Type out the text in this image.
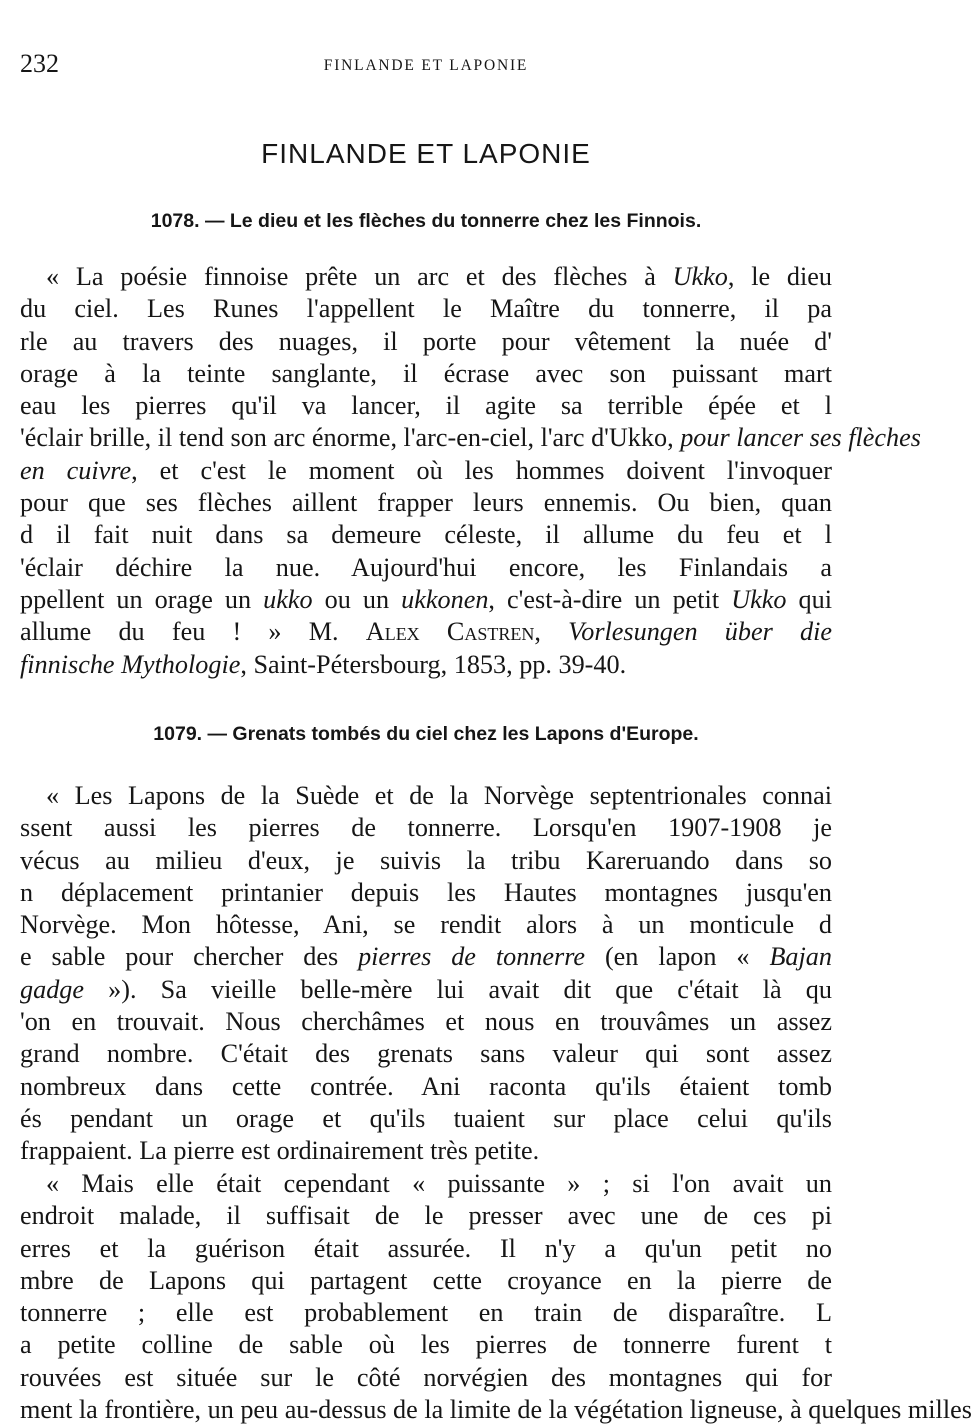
232	FINLANDE ET LAPONIE
FINLANDE ET LAPONIE
1078. — Le dieu et les flèches du tonnerre chez les Finnois.

« La poésie finnoise prête un arc et des flèches à Ukko, le dieu
du ciel. Les Runes l'appellent le Maître du tonnerre, il pa
rle au travers des nuages, il porte pour vêtement la nuée d'
orage à la teinte sanglante, il écrase avec son puissant mart
eau les pierres qu'il va lancer, il agite sa terrible épée et l
'éclair brille, il tend son arc énorme, l'arc-en-ciel, l'arc d'Ukko, pour lancer ses flèches
en cuivre, et c'est le moment où les hommes doivent l'invoquer
pour que ses flèches aillent frapper leurs ennemis. Ou bien, quan
d il fait nuit dans sa demeure céleste, il allume du feu et l
'éclair déchire la nue. Aujourd'hui encore, les Finlandais a
ppellent un orage un ukko ou un ukkonen, c'est-à-dire un petit Ukko qui
allume du feu ! » M. Alex Castren, Vorlesungen über die
finnische Mythologie, Saint-Pétersbourg, 1853, pp. 39-40.

1079. — Grenats tombés du ciel chez les Lapons d'Europe.

« Les Lapons de la Suède et de la Norvège septentrionales connai
ssent aussi les pierres de tonnerre. Lorsqu'en 1907-1908 je
vécus au milieu d'eux, je suivis la tribu Kareruando dans so
n déplacement printanier depuis les Hautes montagnes jusqu'en
Norvège. Mon hôtesse, Ani, se rendit alors à un monticule d
e sable pour chercher des pierres de tonnerre (en lapon « Bajan
gadge »). Sa vieille belle-mère lui avait dit que c'était là qu
'on en trouvait. Nous cherchâmes et nous en trouvâmes un assez
grand nombre. C'était des grenats sans valeur qui sont assez
nombreux dans cette contrée. Ani raconta qu'ils étaient tomb
és pendant un orage et qu'ils tuaient sur place celui qu'ils
frappaient. La pierre est ordinairement très petite.

« Mais elle était cependant « puissante » ; si l'on avait un
endroit malade, il suffisait de le presser avec une de ces pi
erres et la guérison était assurée. Il n'y a qu'un petit no
mbre de Lapons qui partagent cette croyance en la pierre de
tonnerre ; elle est probablement en train de disparaître. L
a petite colline de sable où les pierres de tonnerre furent t
rouvées est située sur le côté norvégien des montagnes qui for
ment la frontière, un peu au-dessus de la limite de la végétation ligneuse, à quelques milles
